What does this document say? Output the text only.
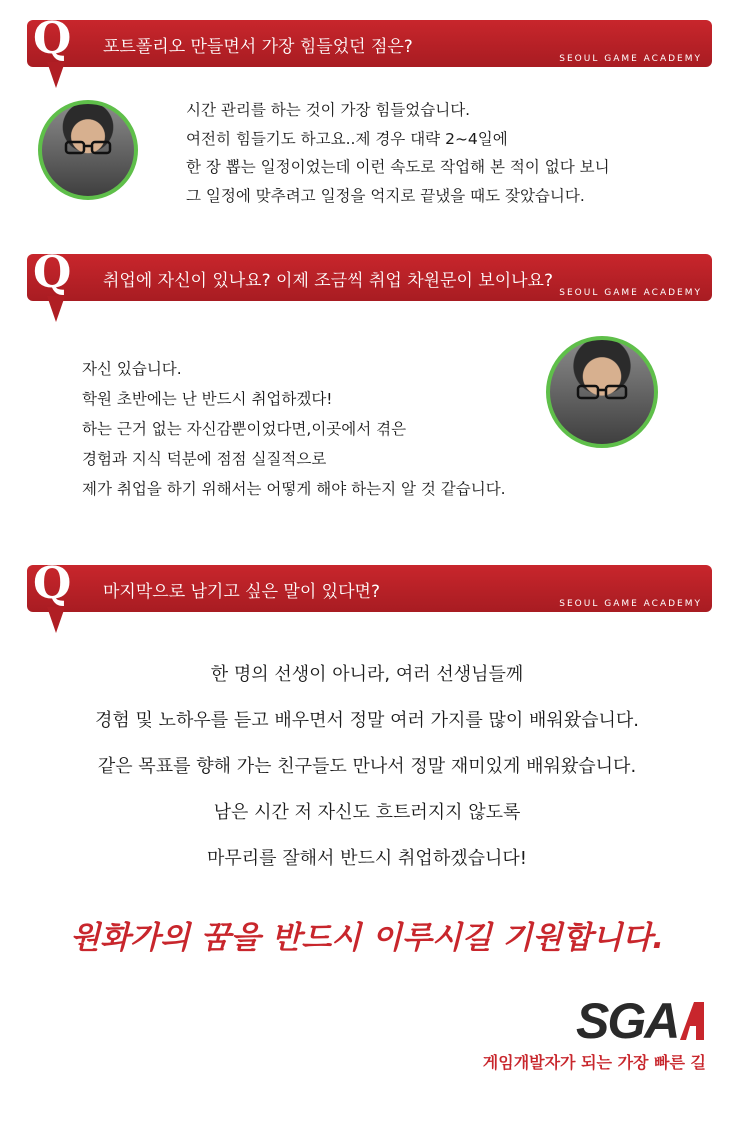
Q 포트폴리오 만들면서 가장 힘들었던 점은?
SEOUL GAME ACADEMY
시간 관리를 하는 것이 가장 힘들었습니다.
여전히 힘들기도 하고요..제 경우 대략 2~4일에
한 장 뽑는 일정이었는데 이런 속도로 작업해 본 적이 없다 보니
그 일정에 맞추려고 일정을 억지로 끝냈을 때도 잦았습니다.
Q 취업에 자신이 있나요? 이제 조금씩 취업 차원문이 보이나요?
SEOUL GAME ACADEMY
자신 있습니다.
학원 초반에는 난 반드시 취업하겠다!
하는 근거 없는 자신감뿐이었다면,이곳에서 겪은
경험과 지식 덕분에 점점 실질적으로
제가 취업을 하기 위해서는 어떻게 해야 하는지 알 것 같습니다.
Q 마지막으로 남기고 싶은 말이 있다면?
SEOUL GAME ACADEMY
한 명의 선생이 아니라, 여러 선생님들께
경험 및 노하우를 듣고 배우면서 정말 여러 가지를 많이 배워왔습니다.
같은 목표를 향해 가는 친구들도 만나서 정말 재미있게 배워왔습니다.
남은 시간 저 자신도 흐트러지지 않도록
마무리를 잘해서 반드시 취업하겠습니다!
원화가의 꿈을 반드시 이루시길 기원합니다.
SGA
게임개발자가 되는 가장 빠른 길
